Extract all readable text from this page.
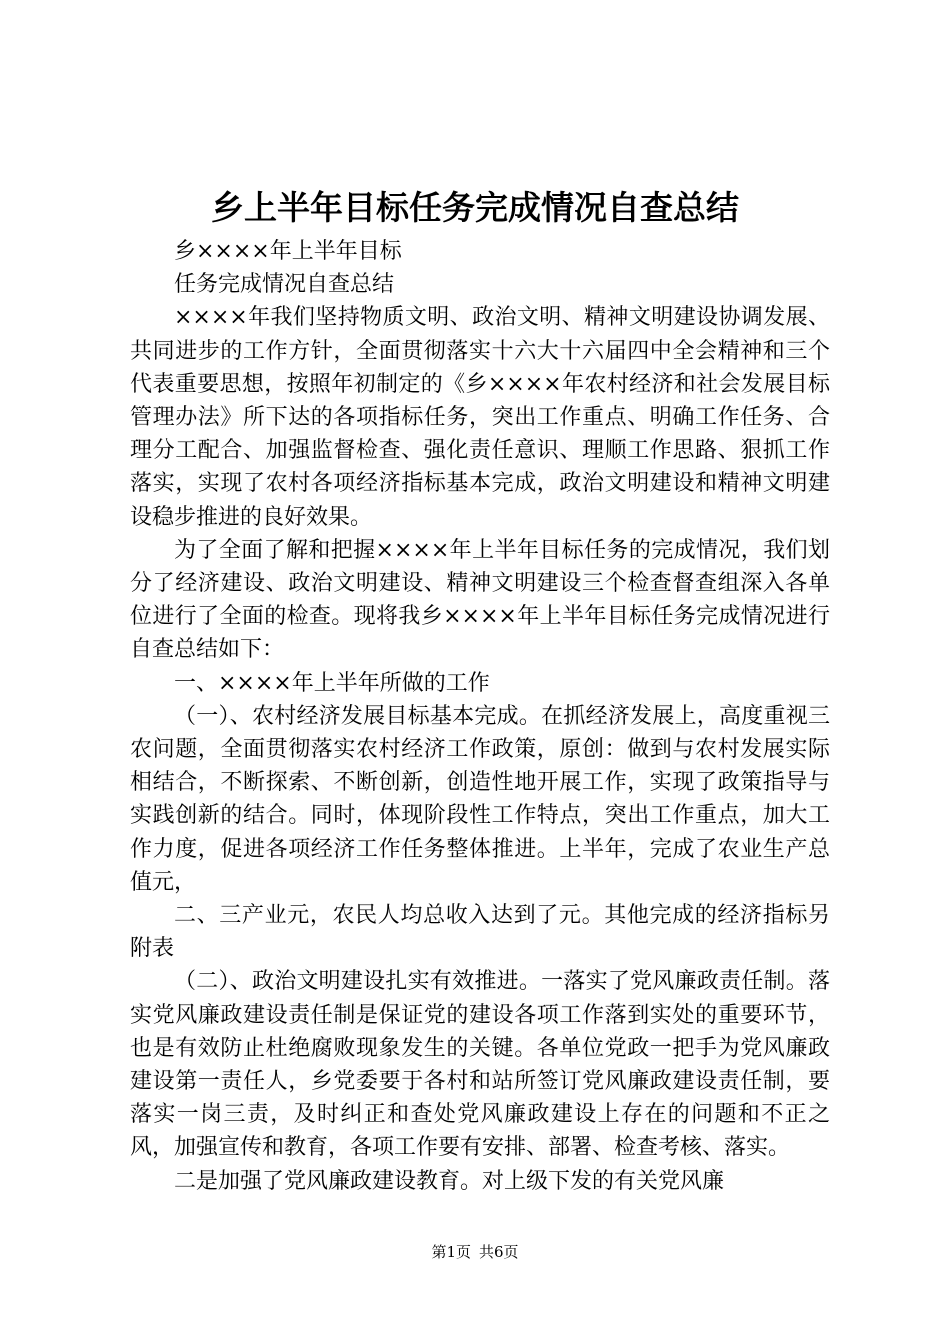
乡上半年目标任务完成情况自查总结

乡××××年上半年目标

任务完成情况自查总结

××××年我们坚持物质文明、政治文明、精神文明建设协调发展、共同进步的工作方针，全面贯彻落实十六大十六届四中全会精神和三个代表重要思想，按照年初制定的《乡××××年农村经济和社会发展目标管理办法》所下达的各项指标任务，突出工作重点、明确工作任务、合理分工配合、加强监督检查、强化责任意识、理顺工作思路、狠抓工作落实，实现了农村各项经济指标基本完成，政治文明建设和精神文明建设稳步推进的良好效果。

为了全面了解和把握××××年上半年目标任务的完成情况，我们划分了经济建设、政治文明建设、精神文明建设三个检查督查组深入各单位进行了全面的检查。现将我乡××××年上半年目标任务完成情况进行自查总结如下：

一、××××年上半年所做的工作

（一）、农村经济发展目标基本完成。在抓经济发展上，高度重视三农问题，全面贯彻落实农村经济工作政策，原创：做到与农村发展实际相结合，不断探索、不断创新，创造性地开展工作，实现了政策指导与实践创新的结合。同时，体现阶段性工作特点，突出工作重点，加大工作力度，促进各项经济工作任务整体推进。上半年，完成了农业生产总值元，

二、三产业元，农民人均总收入达到了元。其他完成的经济指标另附表

（二）、政治文明建设扎实有效推进。一落实了党风廉政责任制。落实党风廉政建设责任制是保证党的建设各项工作落到实处的重要环节，也是有效防止杜绝腐败现象发生的关键。各单位党政一把手为党风廉政建设第一责任人，乡党委要于各村和站所签订党风廉政建设责任制，要落实一岗三责，及时纠正和查处党风廉政建设上存在的问题和不正之风，加强宣传和教育，各项工作要有安排、部署、检查考核、落实。

二是加强了党风廉政建设教育。对上级下发的有关党风廉

第1页 共6页
